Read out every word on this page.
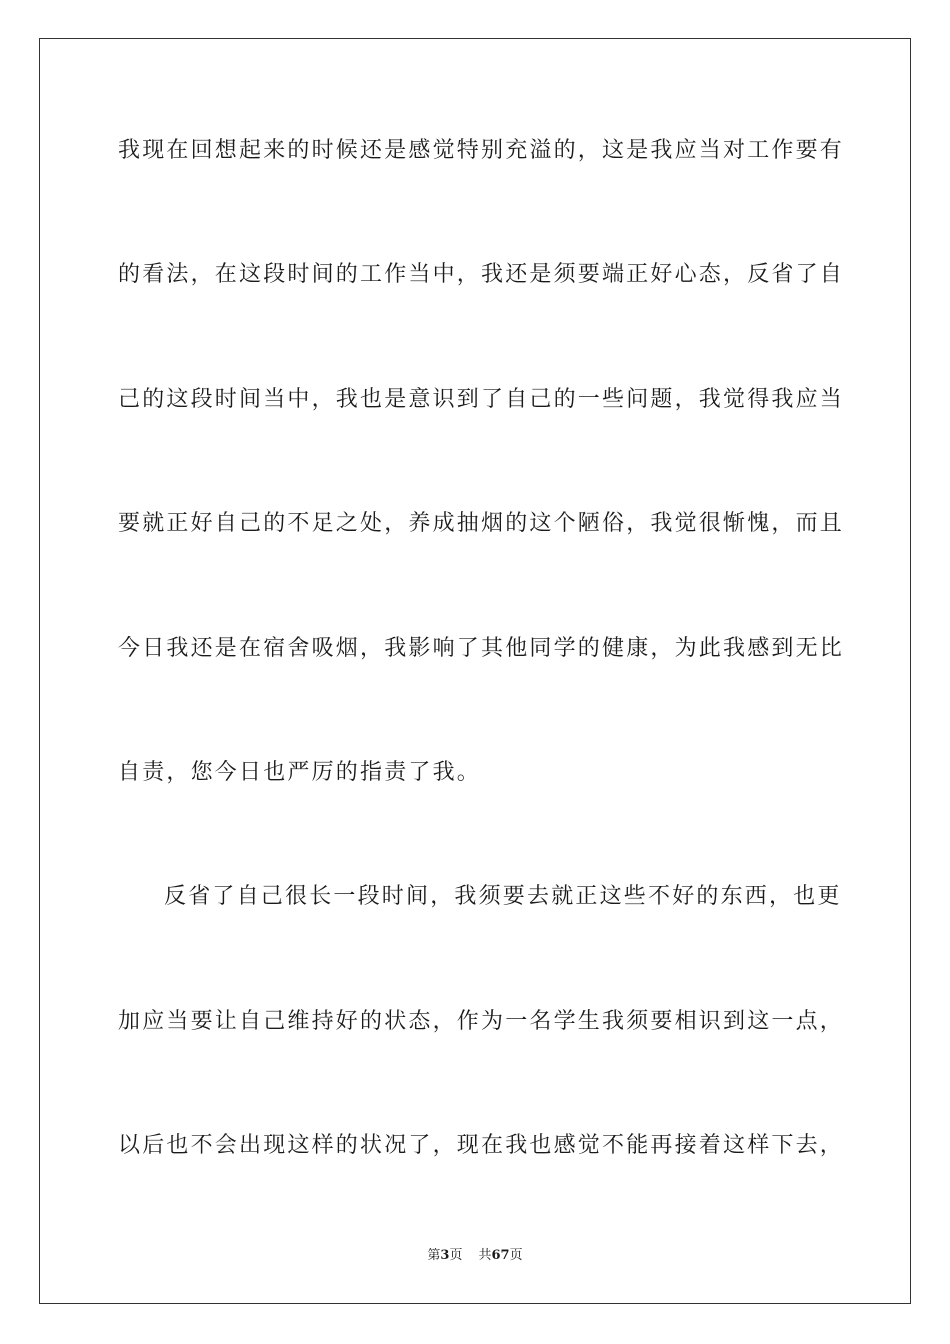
我现在回想起来的时候还是感觉特别充溢的，这是我应当对工作要有
的看法，在这段时间的工作当中，我还是须要端正好心态，反省了自
己的这段时间当中，我也是意识到了自己的一些问题，我觉得我应当
要就正好自己的不足之处，养成抽烟的这个陋俗，我觉很惭愧，而且
今日我还是在宿舍吸烟，我影响了其他同学的健康，为此我感到无比
自责，您今日也严厉的指责了我。
反省了自己很长一段时间，我须要去就正这些不好的东西，也更
加应当要让自己维持好的状态，作为一名学生我须要相识到这一点，
以后也不会出现这样的状况了，现在我也感觉不能再接着这样下去，
第3页 共67页
